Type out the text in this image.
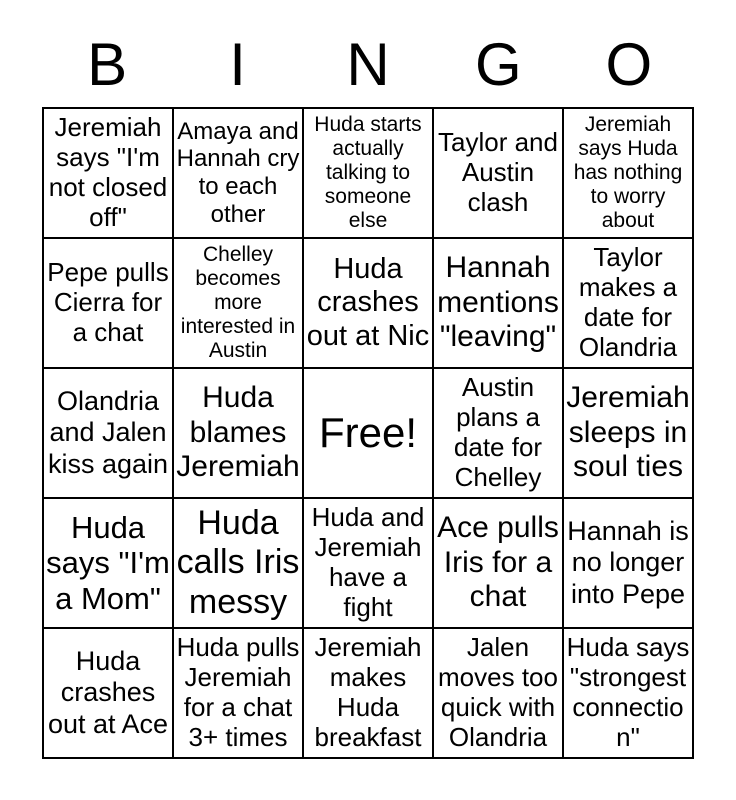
B	I	N	G	O
Jeremiah says "I'm not closed off"
Amaya and Hannah cry to each other
Huda starts actually talking to someone else
Taylor and Austin clash
Jeremiah says Huda has nothing to worry about
Pepe pulls Cierra for a chat
Chelley becomes more interested in Austin
Huda crashes out at Nic
Hannah mentions "leaving"
Taylor makes a date for Olandria
Olandria and Jalen kiss again
Huda blames Jeremiah
Free!
Austin plans a date for Chelley
Jeremiah sleeps in soul ties
Huda says "I'm a Mom"
Huda calls Iris messy
Huda and Jeremiah have a fight
Ace pulls Iris for a chat
Hannah is no longer into Pepe
Huda crashes out at Ace
Huda pulls Jeremiah for a chat 3+ times
Jeremiah makes Huda breakfast
Jalen moves too quick with Olandria
Huda says "strongest connection"
